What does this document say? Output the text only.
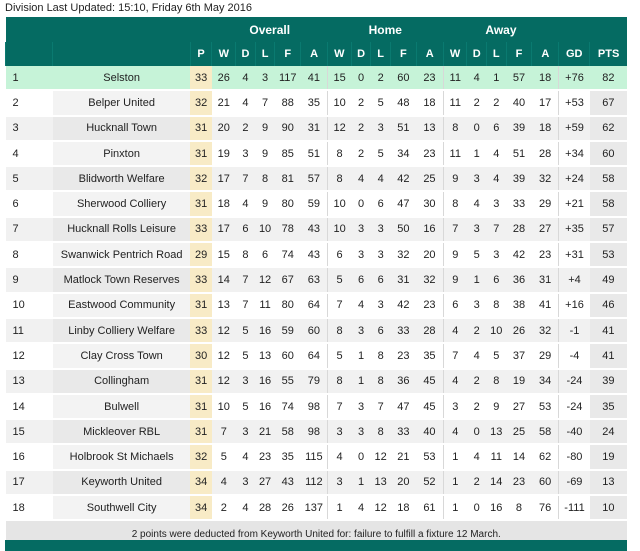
Division Last Updated: 15:10, Friday 6th May 2016
			Overall					Home					Away						
		P	W	D	L	F	A	W	D	L	F	A	W	D	L	F	A	GD	PTS
1	Selston	33	26	4	3	117	41	15	0	2	60	23	11	4	1	57	18	+76	82
2	Belper United	32	21	4	7	88	35	10	2	5	48	18	11	2	2	40	17	+53	67
3	Hucknall Town	31	20	2	9	90	31	12	2	3	51	13	8	0	6	39	18	+59	62
4	Pinxton	31	19	3	9	85	51	8	2	5	34	23	11	1	4	51	28	+34	60
5	Blidworth Welfare	32	17	7	8	81	57	8	4	4	42	25	9	3	4	39	32	+24	58
6	Sherwood Colliery	31	18	4	9	80	59	10	0	6	47	30	8	4	3	33	29	+21	58
7	Hucknall Rolls Leisure	33	17	6	10	78	43	10	3	3	50	16	7	3	7	28	27	+35	57
8	Swanwick Pentrich Road	29	15	8	6	74	43	6	3	3	32	20	9	5	3	42	23	+31	53
9	Matlock Town Reserves	33	14	7	12	67	63	5	6	6	31	32	9	1	6	36	31	+4	49
10	Eastwood Community	31	13	7	11	80	64	7	4	3	42	23	6	3	8	38	41	+16	46
11	Linby Colliery Welfare	33	12	5	16	59	60	8	3	6	33	28	4	2	10	26	32	-1	41
12	Clay Cross Town	30	12	5	13	60	64	5	1	8	23	35	7	4	5	37	29	-4	41
13	Collingham	31	12	3	16	55	79	8	1	8	36	45	4	2	8	19	34	-24	39
14	Bulwell	31	10	5	16	74	98	7	3	7	47	45	3	2	9	27	53	-24	35
15	Mickleover RBL	31	7	3	21	58	98	3	3	8	33	40	4	0	13	25	58	-40	24
16	Holbrook St Michaels	32	5	4	23	35	115	4	0	12	21	53	1	4	11	14	62	-80	19
17	Keyworth United	34	4	3	27	43	112	3	1	13	20	52	1	2	14	23	60	-69	13
18	Southwell City	34	2	4	28	26	137	1	4	12	18	61	1	0	16	8	76	-111	10
2 points were deducted from Keyworth United for: failure to fulfill a fixture 12 March.																			
